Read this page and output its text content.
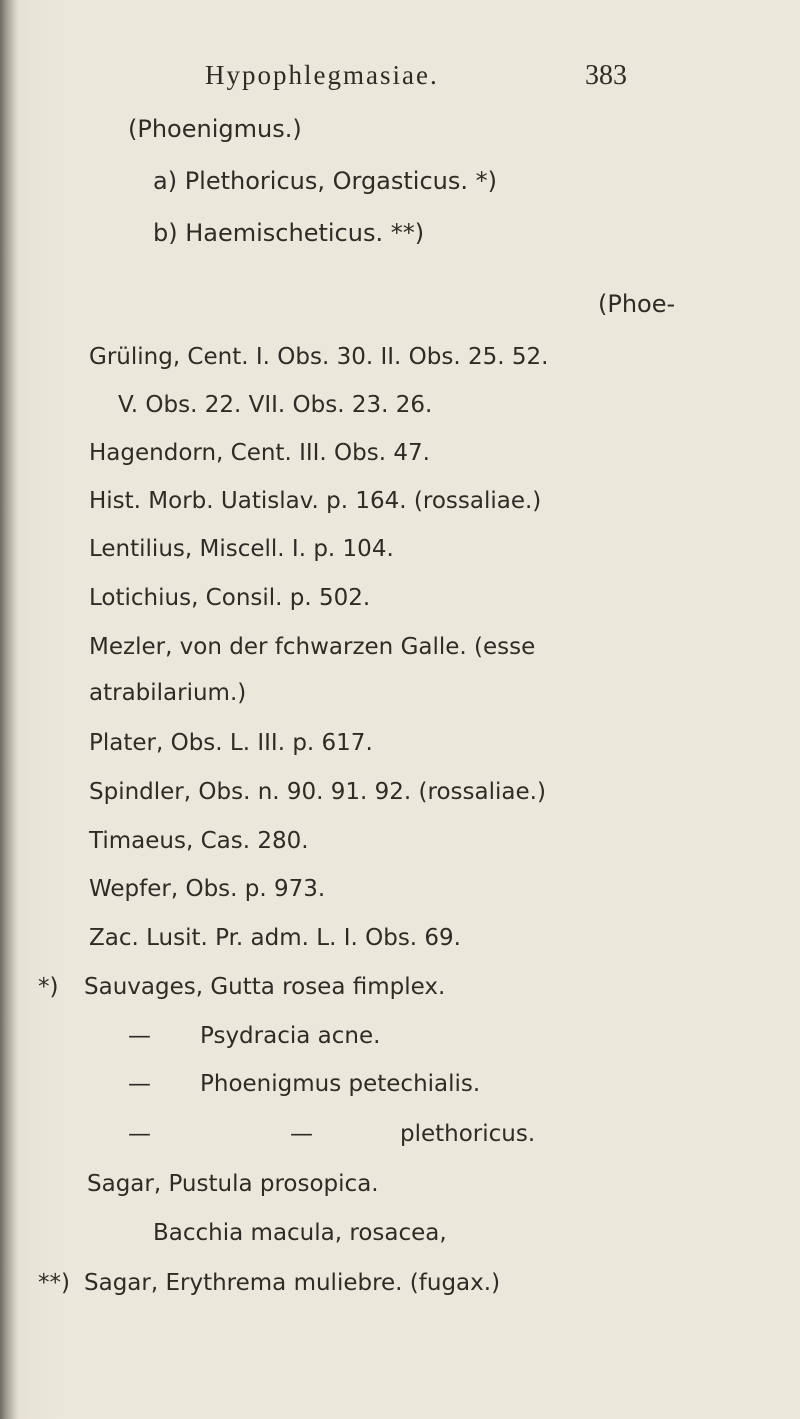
Hypophlegmasiae.	383
(Phoenigmus.)
a) Plethoricus, Orgasticus. *)
b) Haemischeticus. **)
(Phoe-
Grüling, Cent. I. Obs. 30. II. Obs. 25. 52.
V. Obs. 22. VII. Obs. 23. 26.
Hagendorn, Cent. III. Obs. 47.
Hist. Morb. Uatislav. p. 164. (rossaliae.)
Lentilius, Miscell. I. p. 104.
Lotichius, Consil. p. 502.
Mezler, von der fchwarzen Galle. (esse
atrabilarium.)
Plater, Obs. L. III. p. 617.
Spindler, Obs. n. 90. 91. 92. (rossaliae.)
Timaeus, Cas. 280.
Wepfer, Obs. p. 973.
Zac. Lusit. Pr. adm. L. I. Obs. 69.
*) Sauvages, Gutta rosea fimplex.
— Psydracia acne.
— Phoenigmus petechialis.
—	—	plethoricus.
Sagar, Pustula prosopica.
Bacchia macula, rosacea,
**) Sagar, Erythrema muliebre. (fugax.)
